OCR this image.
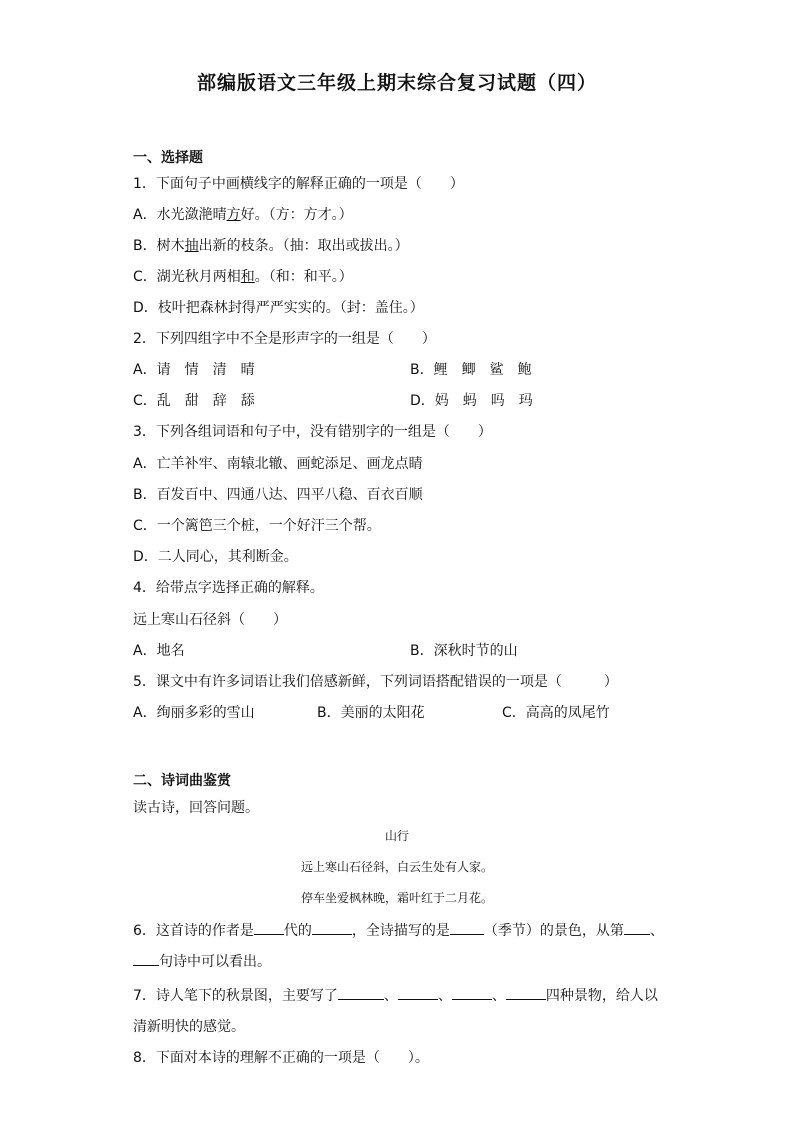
部编版语文三年级上期末综合复习试题（四）
一、选择题
1．下面句子中画横线字的解释正确的一项是（　　）
A．水光潋滟晴方好。（方：方才。）
B．树木抽出新的枝条。（抽：取出或拔出。）
C．湖光秋月两相和。（和：和平。）
D．枝叶把森林封得严严实实的。（封：盖住。）
2．下列四组字中不全是形声字的一组是（　　）
A．请　情　清　晴	B．鲤　鲫　鲨　鲍
C．乱　甜　辞　舔	D．妈　蚂　吗　玛
3．下列各组词语和句子中，没有错别字的一组是（　　）
A．亡羊补牢、南辕北辙、画蛇添足、画龙点睛
B．百发百中、四通八达、四平八稳、百衣百顺
C．一个篱笆三个桩，一个好汗三个帮。
D．二人同心，其利断金。
4．给带点字选择正确的解释。
远上寒山石径斜（　　）
A．地名	B．深秋时节的山
5．课文中有许多词语让我们倍感新鲜，下列词语搭配错误的一项是（　　　）
A．绚丽多彩的雪山	B．美丽的太阳花	C．高高的凤尾竹
二、诗词曲鉴赏
读古诗，回答问题。
山行
远上寒山石径斜，白云生处有人家。
停车坐爱枫林晚，霜叶红于二月花。
6．这首诗的作者是 代的	，全诗描写的是 （季节）的景色，从第 、
句诗中可以看出。
7．诗人笔下的秋景图，主要写了	、	、	、	四种景物，给人以
清新明快的感觉。
8．下面对本诗的理解不正确的一项是（　　）。
